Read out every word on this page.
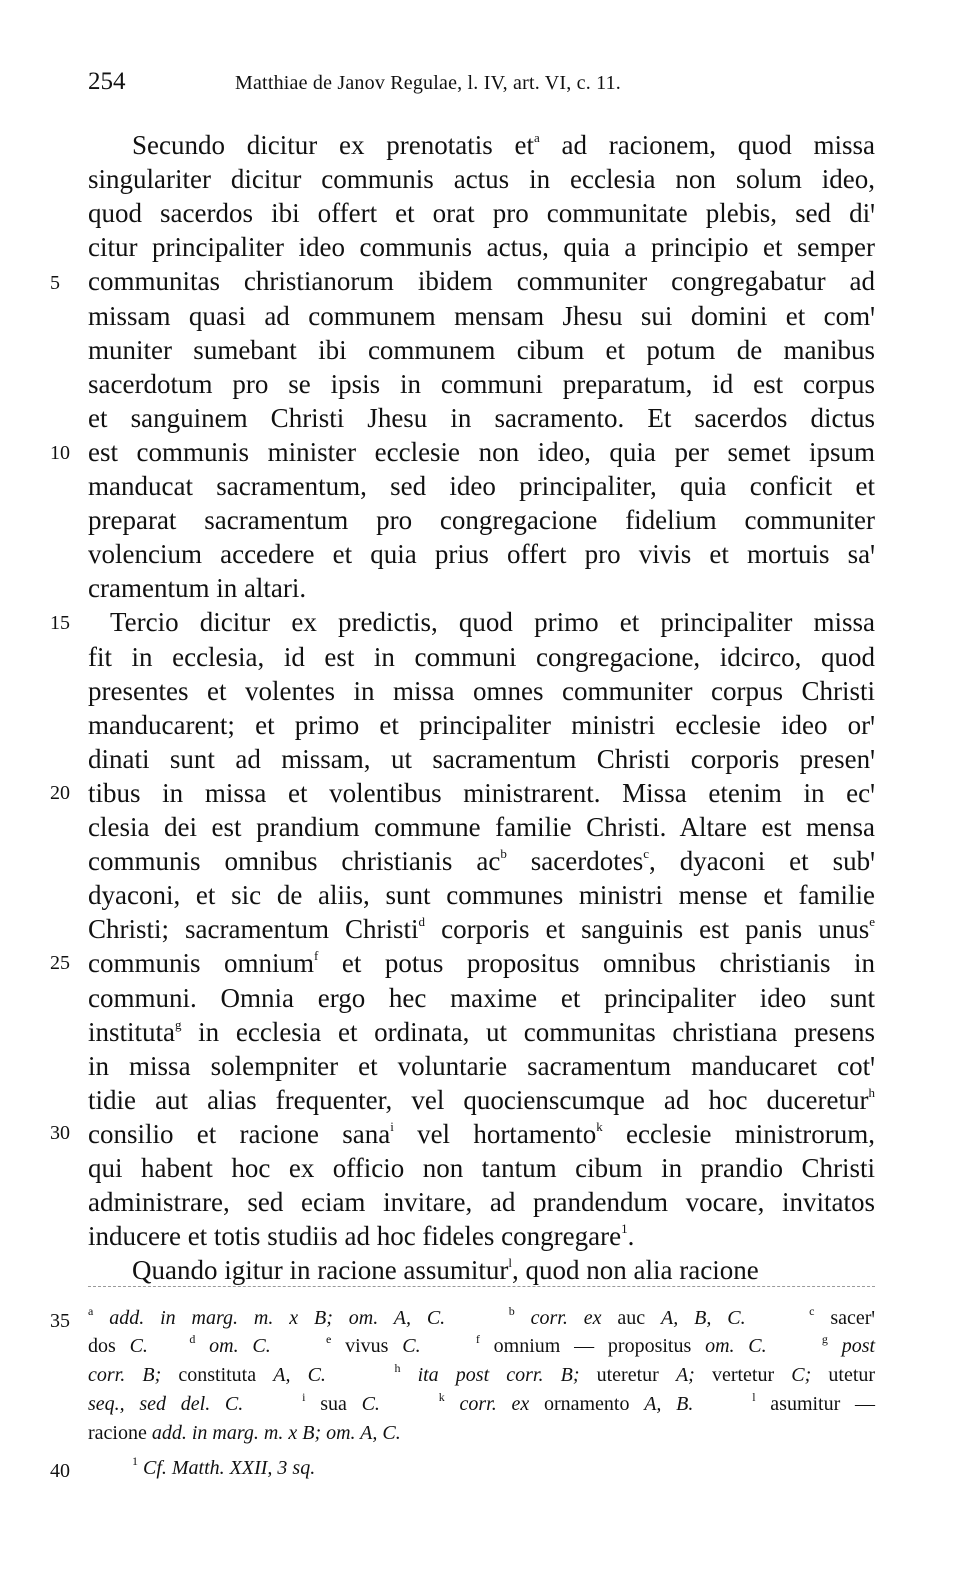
254	Matthiae de Janov Regulae, l. IV, art. VI, c. 11.
Secundo dicitur ex prenotatis $et^a$ ad racionem, quod missa
singulariter dicitur communis actus in ecclesia non solum ideo,
quod sacerdos ibi offert et orat pro communitate plebis, sed diꞌ
citur principaliter ideo communis actus, quia a principio et semper
communitas christianorum ibidem communiter congregabatur ad
missam quasi ad communem mensam Jhesu sui domini et comꞌ
muniter sumebant ibi communem cibum et potum de manibus
sacerdotum pro se ipsis in communi preparatum, id est corpus
et sanguinem Christi Jhesu in sacramento. Et sacerdos dictus
est communis minister ecclesie non ideo, quia per semet ipsum
manducat sacramentum, sed ideo principaliter, quia conficit et
preparat sacramentum pro congregacione fidelium communiter
volencium accedere et quia prius offert pro vivis et mortuis saꞌ
cramentum in altari.
Tercio dicitur ex predictis, quod primo et principaliter missa
fit in ecclesia, id est in communi congregacione, idcirco, quod
presentes et volentes in missa omnes communiter corpus Christi
manducarent; et primo et principaliter ministri ecclesie ideo orꞌ
dinati sunt ad missam, ut sacramentum Christi corporis presenꞌ
tibus in missa et volentibus ministrarent. Missa etenim in ecꞌ
clesia dei est prandium commune familie Christi. Altare est mensa
communis omnibus christianis $ac^b$ sacerdotes$^c$, dyaconi et subꞌ
dyaconi, et sic de aliis, sunt communes ministri mense et familie
Christi; sacramentum Christi$^d$ corporis et sanguinis est panis unus$^e$
communis omnium$^f$ et potus propositus omnibus christianis in
communi. Omnia ergo hec maxime et principaliter ideo sunt
instituta$^g$ in ecclesia et ordinata, ut communitas christiana presens
in missa solempniter et voluntarie sacramentum manducaret cotꞌ
tidie aut alias frequenter, vel quocienscumque ad hoc duceretur$^h$
consilio et racione sana$^i$ vel hortamento$^k$ ecclesie ministrorum,
qui habent hoc ex officio non tantum cibum in prandio Christi
administrare, sed eciam invitare, ad prandendum vocare, invitatos
inducere et totis studiis ad hoc fideles congregare$^1$.
Quando igitur in racione assumitur$^l$, quod non alia racione
5
10
15
20
25
30
35
40
$^a$ add. in marg. m. x B; om. A, C.	$^b$ corr. ex auc A, B, C.	$^c$ sacerꞌ
dos C.	$^d$ om. C.	$^e$ vivus C.	$^f$ omnium — propositus om. C.	$^g$ post
corr. B; constituta A, C.	$^h$ ita post corr. B; uteretur A; vertetur C; utetur
seq., sed del. C.	$^i$ sua C.	$^k$ corr. ex ornamento A, B.	$^l$ asumitur —
racione add. in marg. m. x B; om. A, C.
$^1$ Cf. Matth. XXII, 3 sq.
